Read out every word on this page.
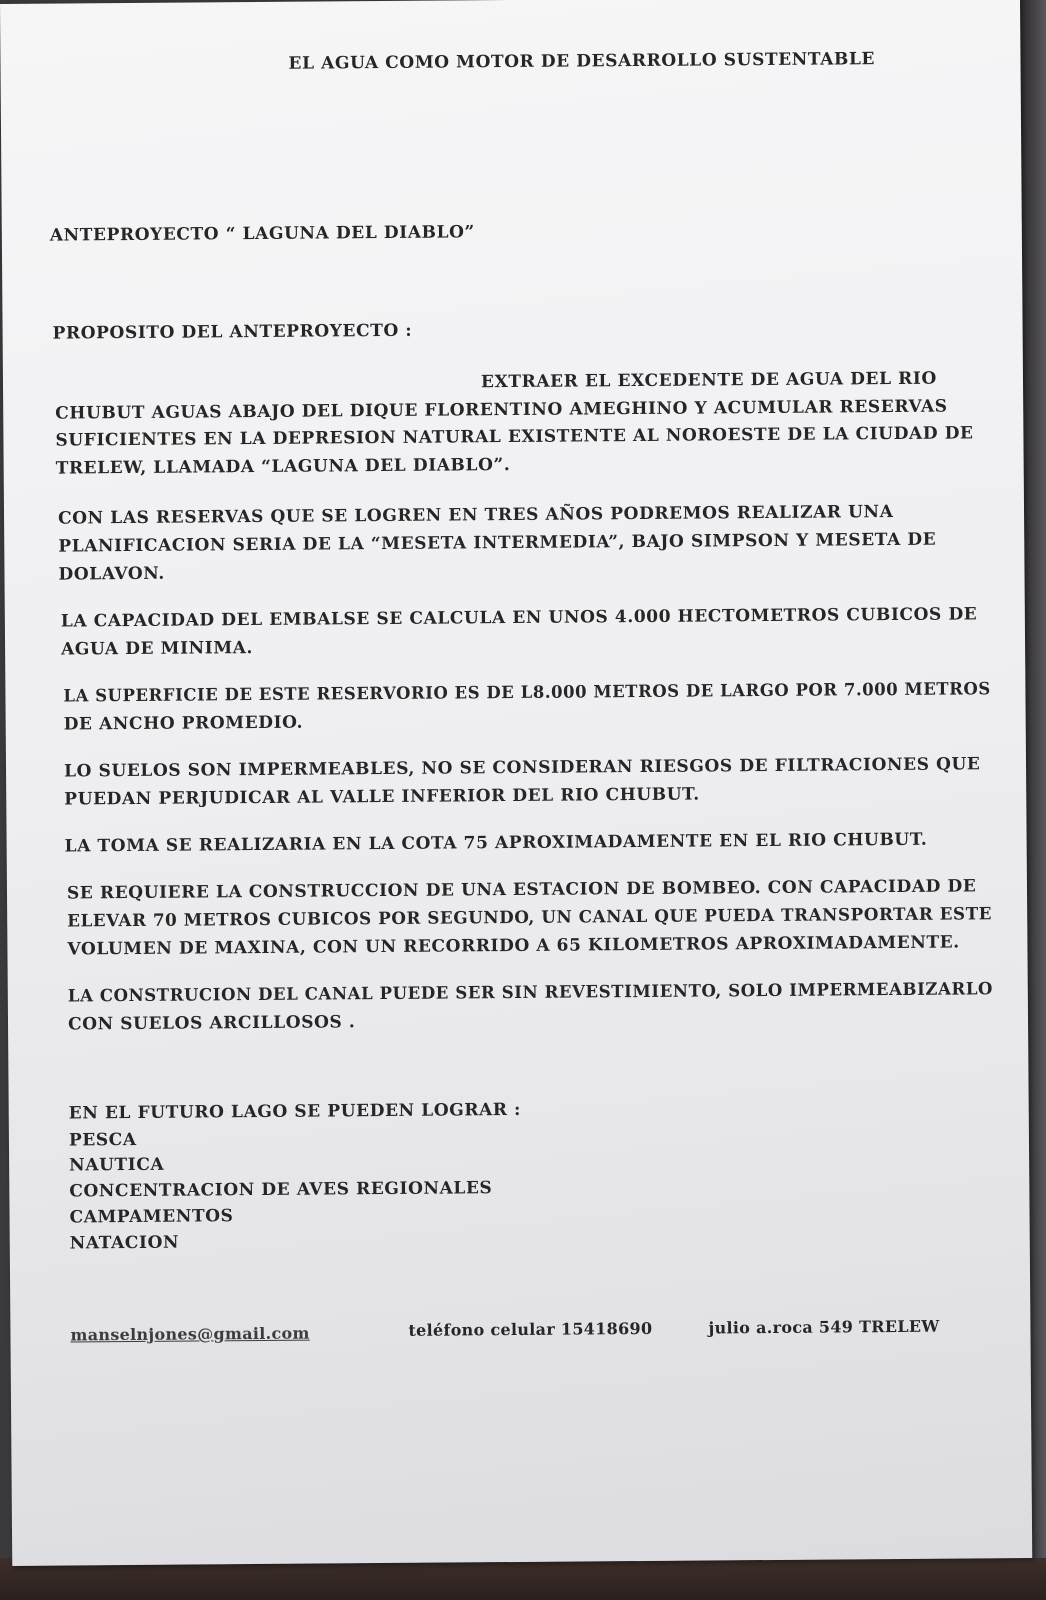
EL AGUA COMO MOTOR DE DESARROLLO SUSTENTABLE
ANTEPROYECTO “ LAGUNA DEL DIABLO”
PROPOSITO DEL ANTEPROYECTO :
EXTRAER EL EXCEDENTE DE AGUA DEL RIO
CHUBUT AGUAS ABAJO DEL DIQUE FLORENTINO AMEGHINO Y ACUMULAR RESERVAS
SUFICIENTES EN LA DEPRESION NATURAL EXISTENTE AL NOROESTE DE LA CIUDAD DE
TRELEW, LLAMADA “LAGUNA DEL DIABLO”.
CON LAS RESERVAS QUE SE LOGREN EN TRES AÑOS PODREMOS REALIZAR UNA
PLANIFICACION SERIA DE LA “MESETA INTERMEDIA”, BAJO SIMPSON Y MESETA DE
DOLAVON.
LA CAPACIDAD DEL EMBALSE SE CALCULA EN UNOS 4.000 HECTOMETROS CUBICOS DE
AGUA DE MINIMA.
LA SUPERFICIE DE ESTE RESERVORIO ES DE L8.000 METROS DE LARGO POR 7.000 METROS
DE ANCHO PROMEDIO.
LO SUELOS SON IMPERMEABLES, NO SE CONSIDERAN RIESGOS DE FILTRACIONES QUE
PUEDAN PERJUDICAR AL VALLE INFERIOR DEL RIO CHUBUT.
LA TOMA SE REALIZARIA EN LA COTA 75 APROXIMADAMENTE EN EL RIO CHUBUT.
SE REQUIERE LA CONSTRUCCION DE UNA ESTACION DE BOMBEO. CON CAPACIDAD DE
ELEVAR 70 METROS CUBICOS POR SEGUNDO, UN CANAL QUE PUEDA TRANSPORTAR ESTE
VOLUMEN DE MAXINA, CON UN RECORRIDO A 65 KILOMETROS APROXIMADAMENTE.
LA CONSTRUCION DEL CANAL PUEDE SER SIN REVESTIMIENTO, SOLO IMPERMEABIZARLO
CON SUELOS ARCILLOSOS .
EN EL FUTURO LAGO SE PUEDEN LOGRAR :
PESCA
NAUTICA
CONCENTRACION DE AVES REGIONALES
CAMPAMENTOS
NATACION
manselnjones@gmail.com	teléfono celular 15418690	julio a.roca 549 TRELEW
